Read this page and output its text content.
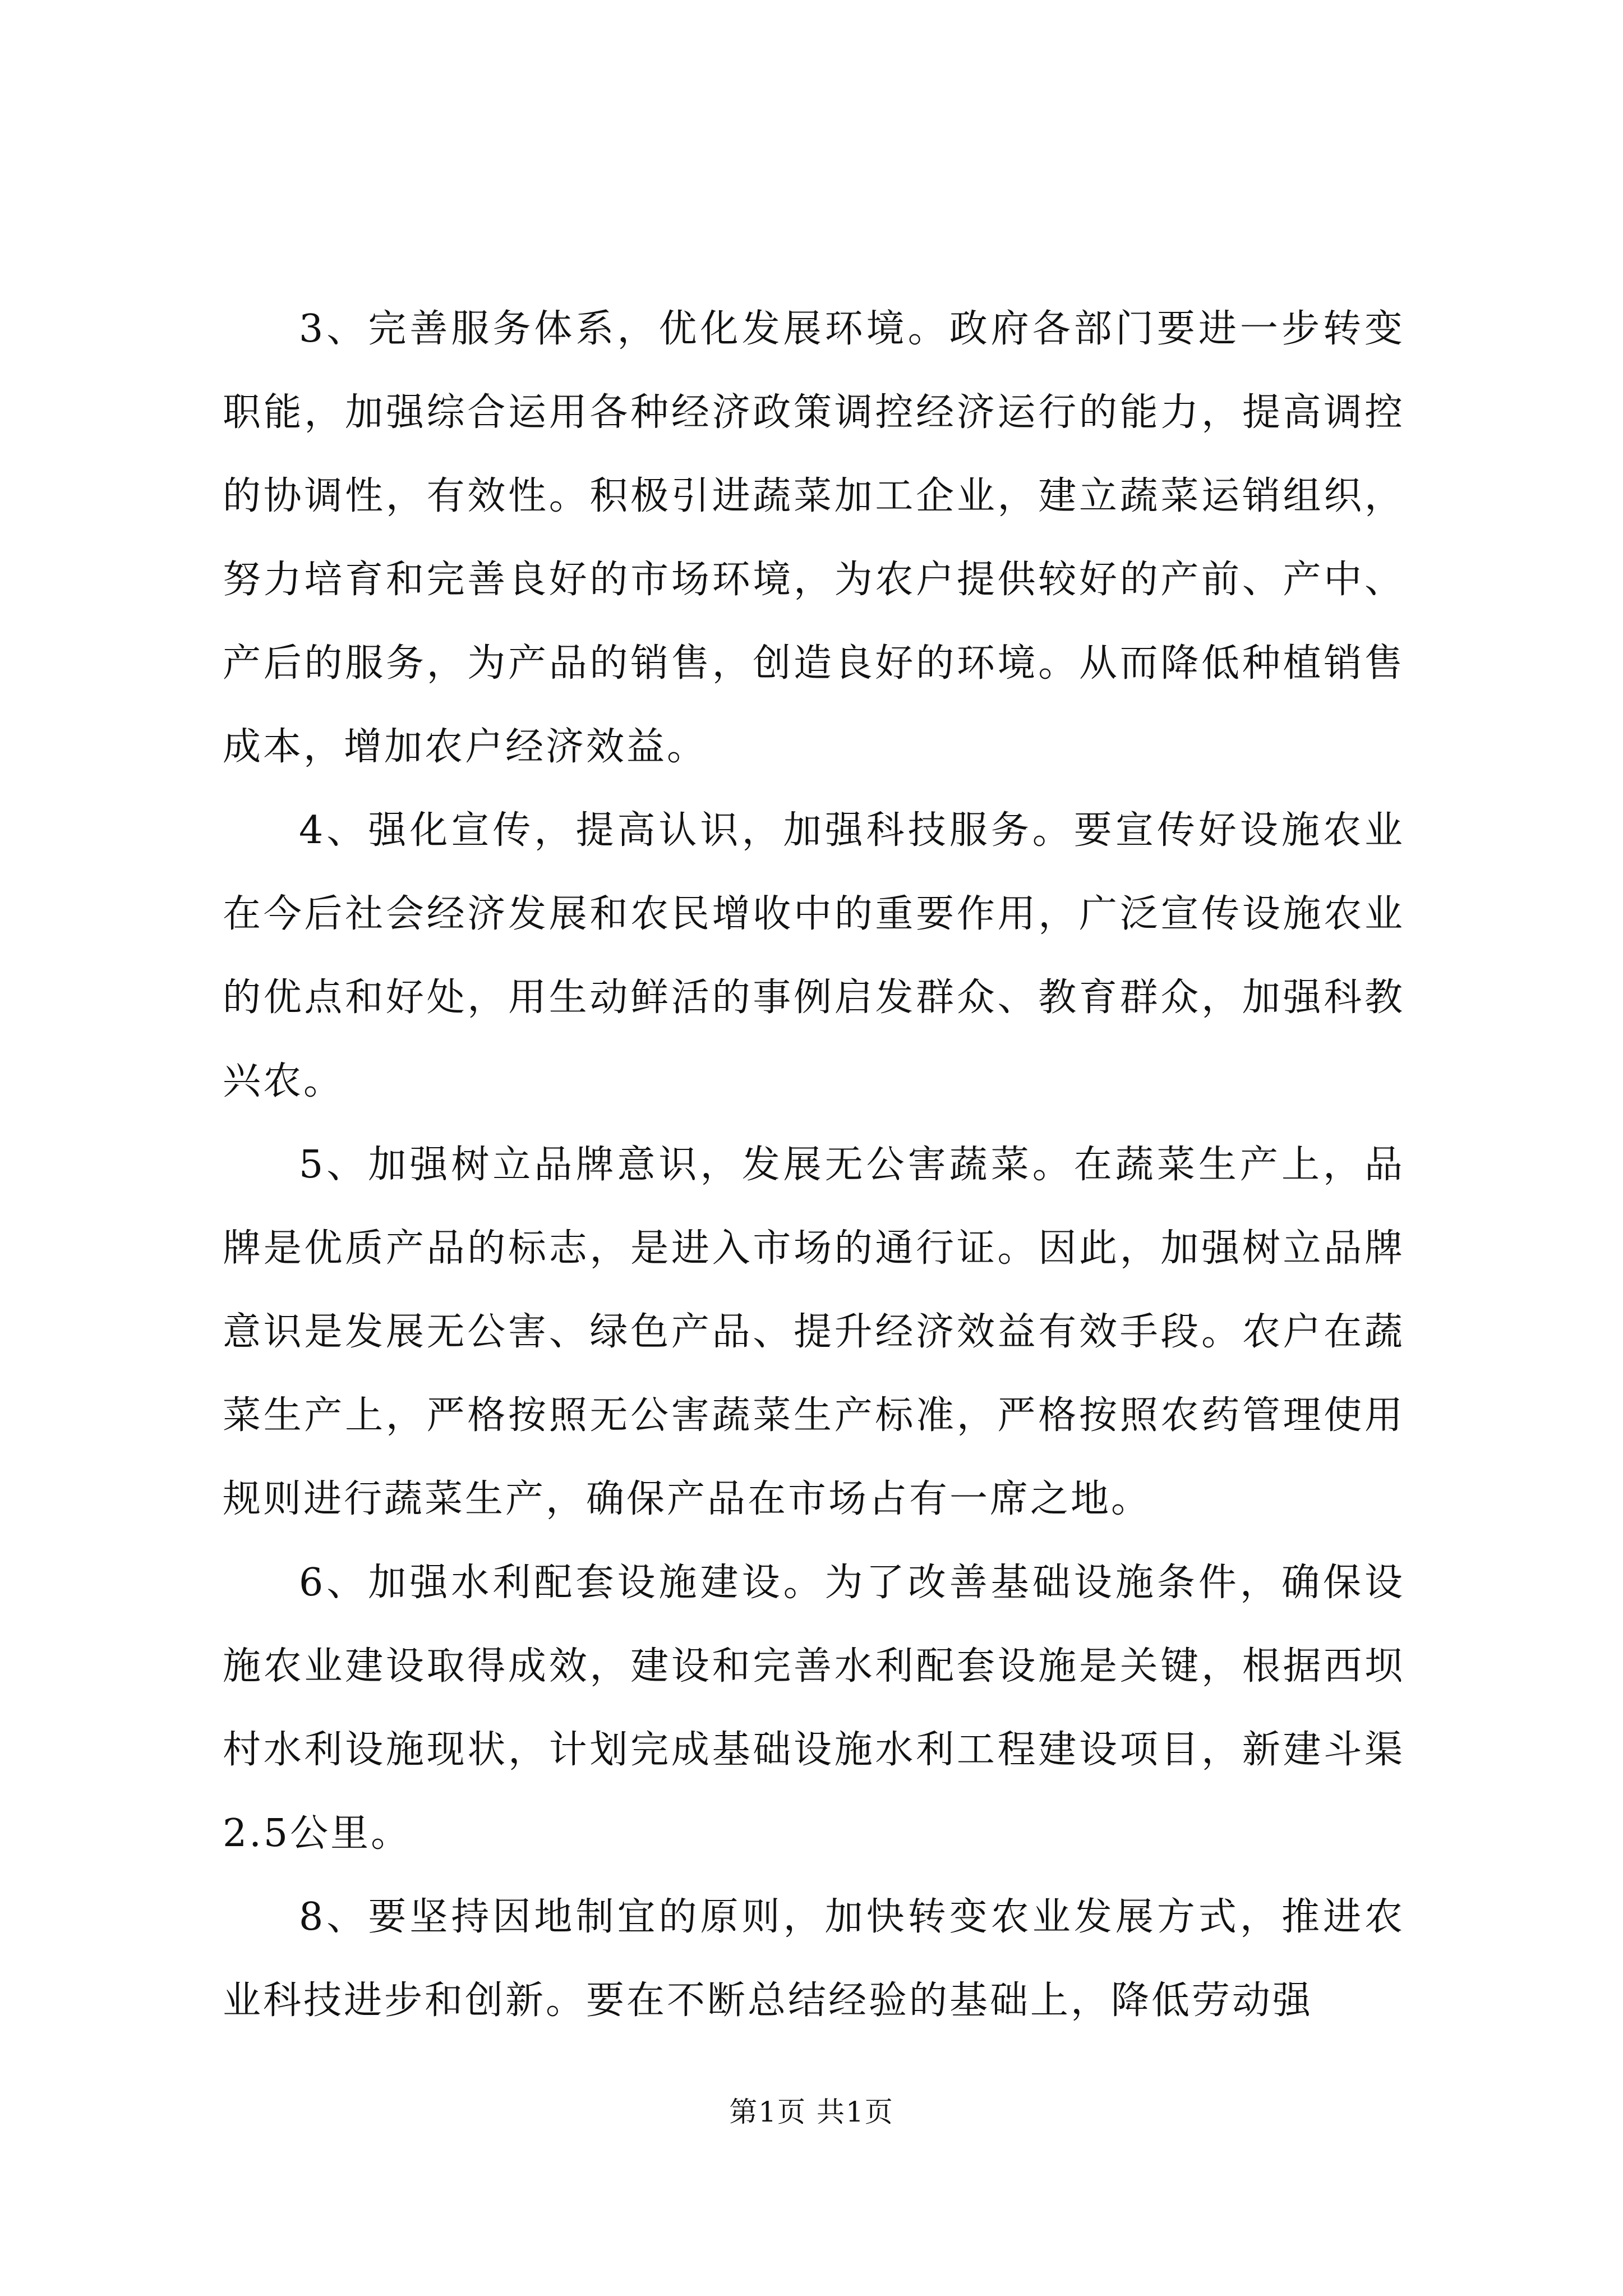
3、完善服务体系，优化发展环境。政府各部门要进一步转变职能，加强综合运用各种经济政策调控经济运行的能力，提高调控的协调性，有效性。积极引进蔬菜加工企业，建立蔬菜运销组织，努力培育和完善良好的市场环境，为农户提供较好的产前、产中、产后的服务，为产品的销售，创造良好的环境。从而降低种植销售成本，增加农户经济效益。

4、强化宣传，提高认识，加强科技服务。要宣传好设施农业在今后社会经济发展和农民增收中的重要作用，广泛宣传设施农业的优点和好处，用生动鲜活的事例启发群众、教育群众，加强科教兴农。

5、加强树立品牌意识，发展无公害蔬菜。在蔬菜生产上，品牌是优质产品的标志，是进入市场的通行证。因此，加强树立品牌意识是发展无公害、绿色产品、提升经济效益有效手段。农户在蔬菜生产上，严格按照无公害蔬菜生产标准，严格按照农药管理使用规则进行蔬菜生产，确保产品在市场占有一席之地。

6、加强水利配套设施建设。为了改善基础设施条件，确保设施农业建设取得成效，建设和完善水利配套设施是关键，根据西坝村水利设施现状，计划完成基础设施水利工程建设项目，新建斗渠2.5公里。

8、要坚持因地制宜的原则，加快转变农业发展方式，推进农业科技进步和创新。要在不断总结经验的基础上，降低劳动强

第1页 共1页
